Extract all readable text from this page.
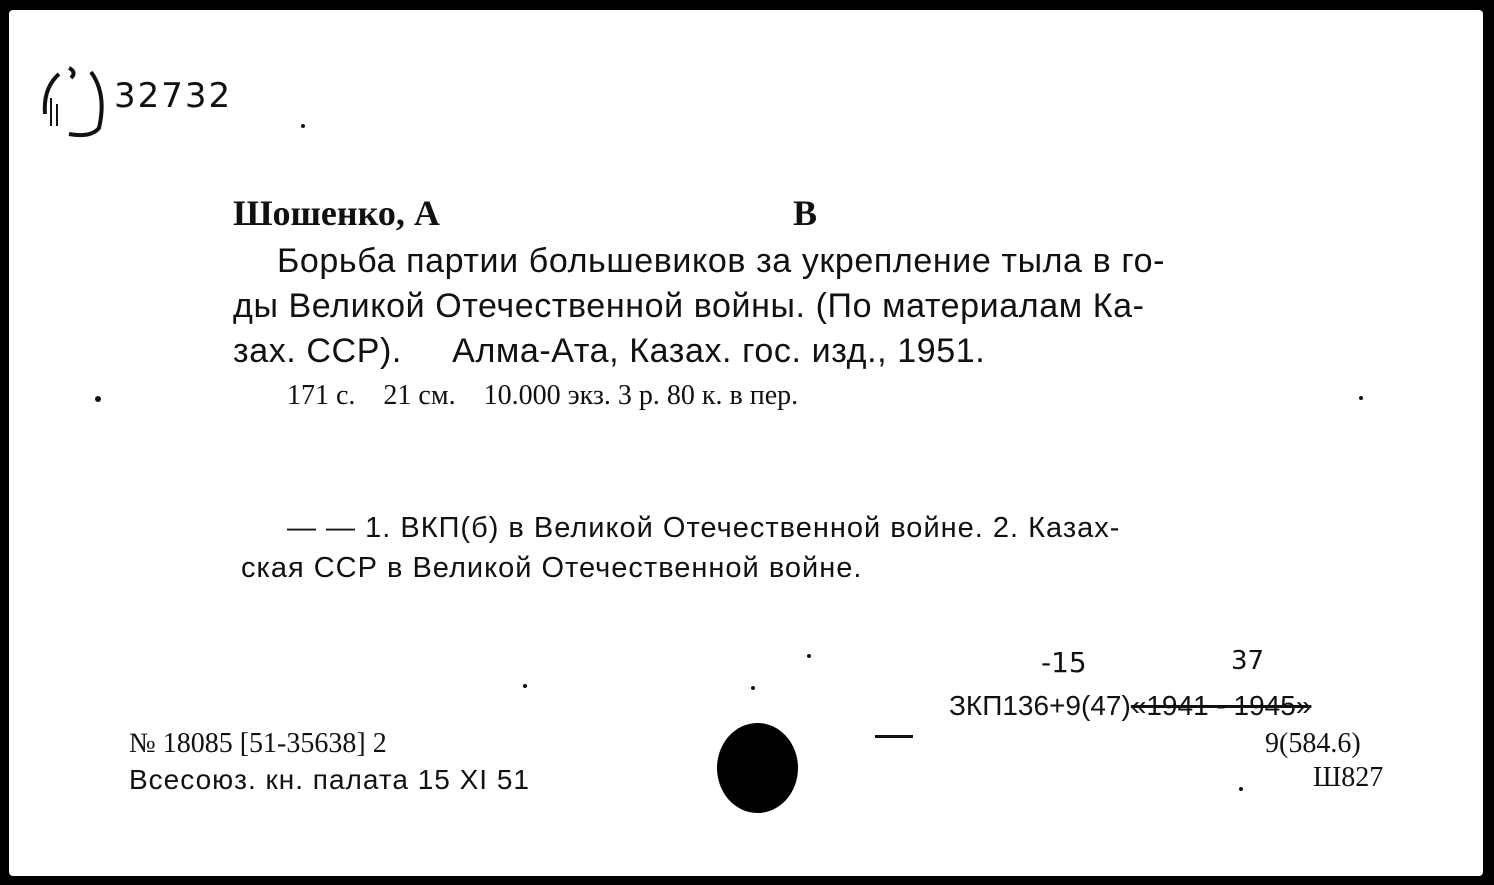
32732
Шошенко, А	В
Борьба партии большевиков за укрепление тыла в го-
ды Великой Отечественной войны. (По материалам Ка-
зах. ССР).     Алма-Ата, Казах. гос. изд., 1951.
171 с.    21 см.    10.000 экз. 3 р. 80 к. в пер.
— — 1. ВКП(б) в Великой Отечественной войне. 2. Казах-
ская ССР в Великой Отечественной войне.
-15	37
ЗКП136+9(47)«1941 - 1945»
9(584.6)
Ш827
№ 18085 [51-35638] 2
Всесоюз. кн. палата 15 XI 51
